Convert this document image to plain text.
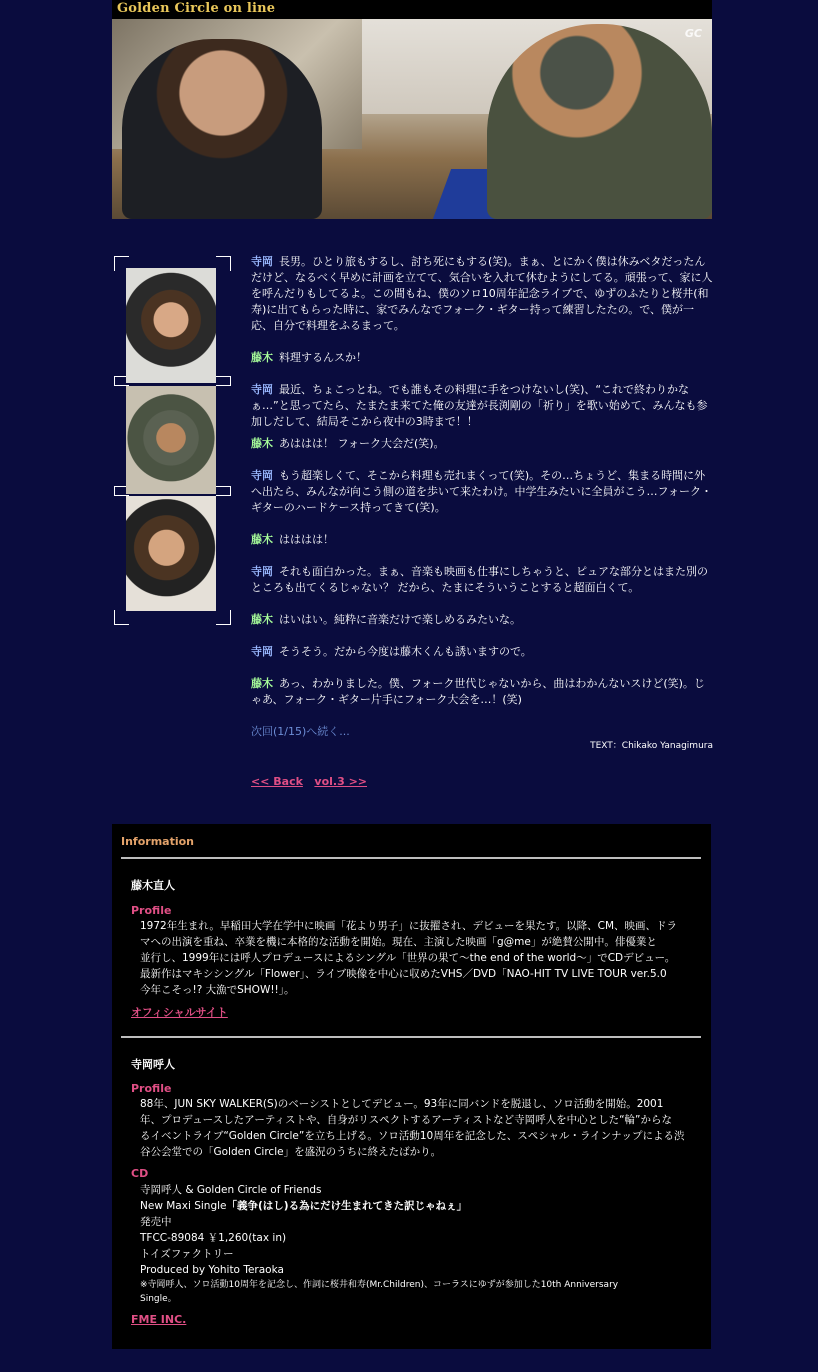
Golden Circle on line
GC

寺岡 長男。ひとり旅もするし、討ち死にもする(笑)。まぁ、とにかく僕は休みベタだったんだけど、なるべく早めに計画を立てて、気合いを入れて休むようにしてる。頑張って、家に人を呼んだりもしてるよ。この間もね、僕のソロ10周年記念ライブで、ゆずのふたりと桜井(和寿)に出てもらった時に、家でみんなでフォーク・ギター持って練習したたの。で、僕が一応、自分で料理をふるまって。

藤木 料理するんスか！

寺岡 最近、ちょこっとね。でも誰もその料理に手をつけないし(笑)、“これで終わりかなぁ…”と思ってたら、たまたま来てた俺の友達が長渕剛の「祈り」を歌い始めて、みんなも参加しだして、結局そこから夜中の3時まで！！

藤木 あははは！ フォーク大会だ(笑)。

寺岡 もう超楽しくて、そこから料理も売れまくって(笑)。その…ちょうど、集まる時間に外へ出たら、みんなが向こう側の道を歩いて来たわけ。中学生みたいに全員がこう…フォーク・ギターのハードケース持ってきて(笑)。

藤木 はははは！

寺岡 それも面白かった。まぁ、音楽も映画も仕事にしちゃうと、ピュアな部分とはまた別のところも出てくるじゃない？ だから、たまにそういうことすると超面白くて。

藤木 はいはい。純粋に音楽だけで楽しめるみたいな。

寺岡 そうそう。だから今度は藤木くんも誘いますので。

藤木 あっ、わかりました。僕、フォーク世代じゃないから、曲はわかんないスけど(笑)。じゃあ、フォーク・ギター片手にフォーク大会を…！(笑)

次回(1/15)へ続く...
TEXT：Chikako Yanagimura
<< Back vol.3 >>
Information
藤木直人
Profile
1972年生まれ。早稲田大学在学中に映画「花より男子」に抜擢され、デビューを果たす。以降、CM、映画、ドラ
マへの出演を重ね、卒業を機に本格的な活動を開始。現在、主演した映画「g@me」が絶賛公開中。俳優業と
並行し、1999年には呼人プロデュースによるシングル「世界の果て～the end of the world～」でCDデビュー。
最新作はマキシシングル「Flower」、ライブ映像を中心に収めたVHS／DVD「NAO-HIT TV LIVE TOUR ver.5.0
今年こそっ!? 大漁でSHOW!!」。
オフィシャルサイト
寺岡呼人
Profile
88年、JUN SKY WALKER(S)のベーシストとしてデビュー。93年に同バンドを脱退し、ソロ活動を開始。2001
年、プロデュースしたアーティストや、自身がリスペクトするアーティストなど寺岡呼人を中心とした“輪”からな
るイベントライブ“Golden Circle”を立ち上げる。ソロ活動10周年を記念した、スペシャル・ラインナップによる渋
谷公会堂での「Golden Circle」を盛況のうちに終えたばかり。
CD
寺岡呼人 & Golden Circle of Friends
New Maxi Single「義争(はし)る為にだけ生まれてきた訳じゃねぇ」
発売中
TFCC-89084 ￥1,260(tax in)
トイズファクトリー
Produced by Yohito Teraoka
※寺岡呼人、ソロ活動10周年を記念し、作詞に桜井和寿(Mr.Children)、コーラスにゆずが参加した10th Anniversary
Single。
FME INC.
